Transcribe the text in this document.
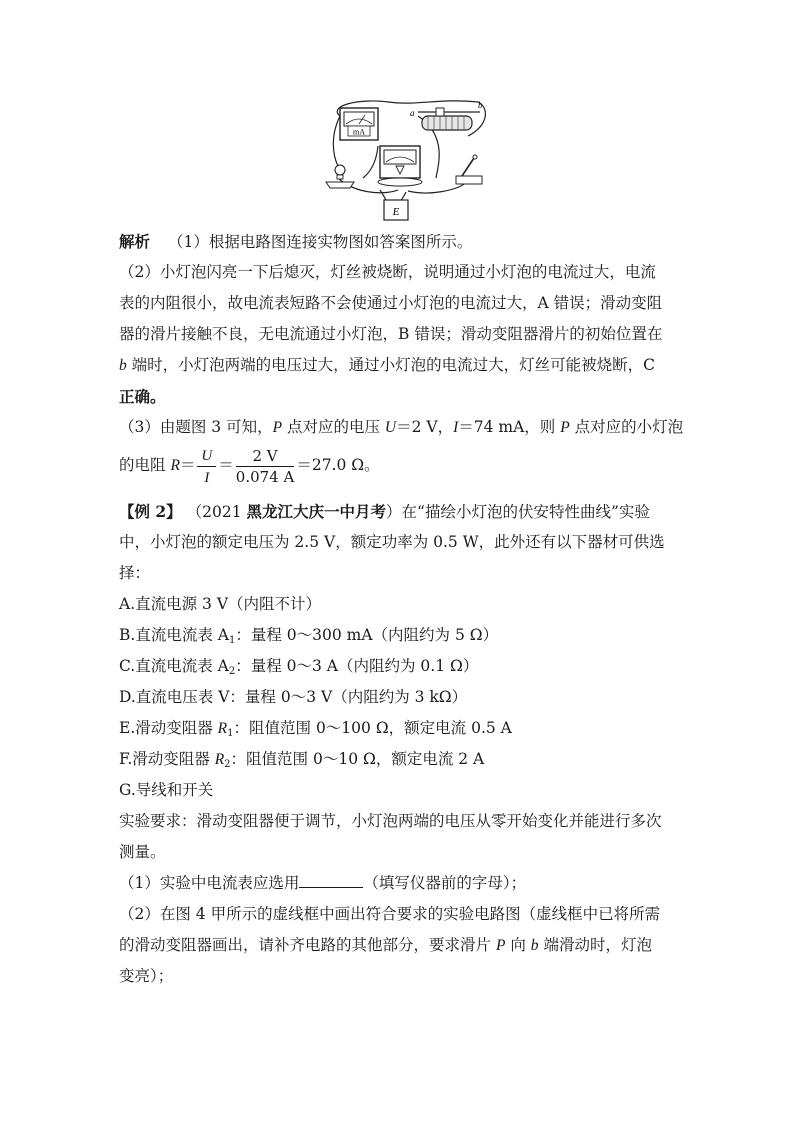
mA
a
b
E
解析 （1）根据电路图连接实物图如答案图所示。
（2）小灯泡闪亮一下后熄灭，灯丝被烧断，说明通过小灯泡的电流过大，电流
表的内阻很小，故电流表短路不会使通过小灯泡的电流过大，A 错误；滑动变阻
器的滑片接触不良，无电流通过小灯泡，B 错误；滑动变阻器滑片的初始位置在
b 端时，小灯泡两端的电压过大，通过小灯泡的电流过大，灯丝可能被烧断，C
正确。
（3）由题图 3 可知，P 点对应的电压 U＝2 V，I＝74 mA，则 P 点对应的小灯泡
的电阻 $R= \frac{U}{I} = \frac{2 V}{0.074 A} =27.0$ Ω。
【例 2】 （2021 黑龙江大庆一中月考）在“描绘小灯泡的伏安特性曲线”实验
中，小灯泡的额定电压为 2.5 V，额定功率为 0.5 W，此外还有以下器材可供选
择：
A.直流电源 3 V（内阻不计）
B.直流电流表 $A_1$：量程 0～300 mA（内阻约为 5 Ω）
C.直流电流表 $A_2$：量程 0～3 A（内阻约为 0.1 Ω）
D.直流电压表 V：量程 0～3 V（内阻约为 3 kΩ）
E.滑动变阻器 $R_1$：阻值范围 0～100 Ω，额定电流 0.5 A
F.滑动变阻器 $R_2$：阻值范围 0～10 Ω，额定电流 2 A
G.导线和开关
实验要求：滑动变阻器便于调节，小灯泡两端的电压从零开始变化并能进行多次
测量。
（1）实验中电流表应选用	（填写仪器前的字母）；
（2）在图 4 甲所示的虚线框中画出符合要求的实验电路图（虚线框中已将所需
的滑动变阻器画出，请补齐电路的其他部分，要求滑片 P 向 b 端滑动时，灯泡
变亮）；
